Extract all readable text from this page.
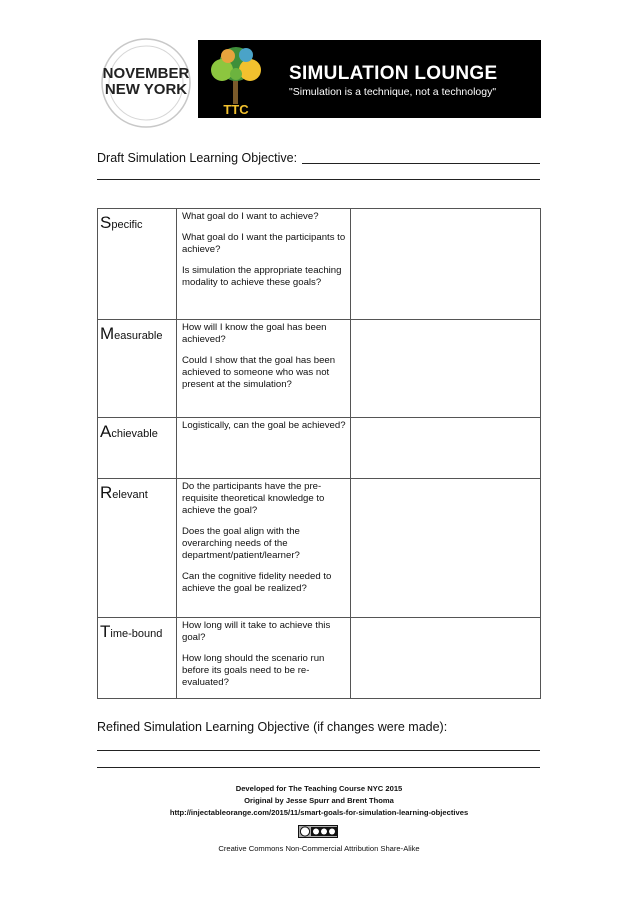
NOVEMBER
NEW YORK
TTC
SIMULATION LOUNGE
"Simulation is a technique, not a technology"
Draft Simulation Learning Objective:
Specific	What goal do I want to achieve?

What goal do I want the participants to achieve?

Is simulation the appropriate teaching modality to achieve these goals?	

Measurable	How will I know the goal has been achieved?

Could I show that the goal has been achieved to someone who was not present at the simulation?	

Achievable	Logistically, can the goal be achieved?	

Relevant	Do the participants have the pre-requisite theoretical knowledge to achieve the goal?

Does the goal align with the overarching needs of the department/patient/learner?

Can the cognitive fidelity needed to achieve the goal be realized?	

Time-bound	How long will it take to achieve this goal?

How long should the scenario run before its goals need to be re-evaluated?	

Refined Simulation Learning Objective (if changes were made):
Developed for The Teaching Course NYC 2015
Original by Jesse Spurr and Brent Thoma
http://injectableorange.com/2015/11/smart-goals-for-simulation-learning-objectives
Creative Commons Non-Commercial Attribution Share-Alike
